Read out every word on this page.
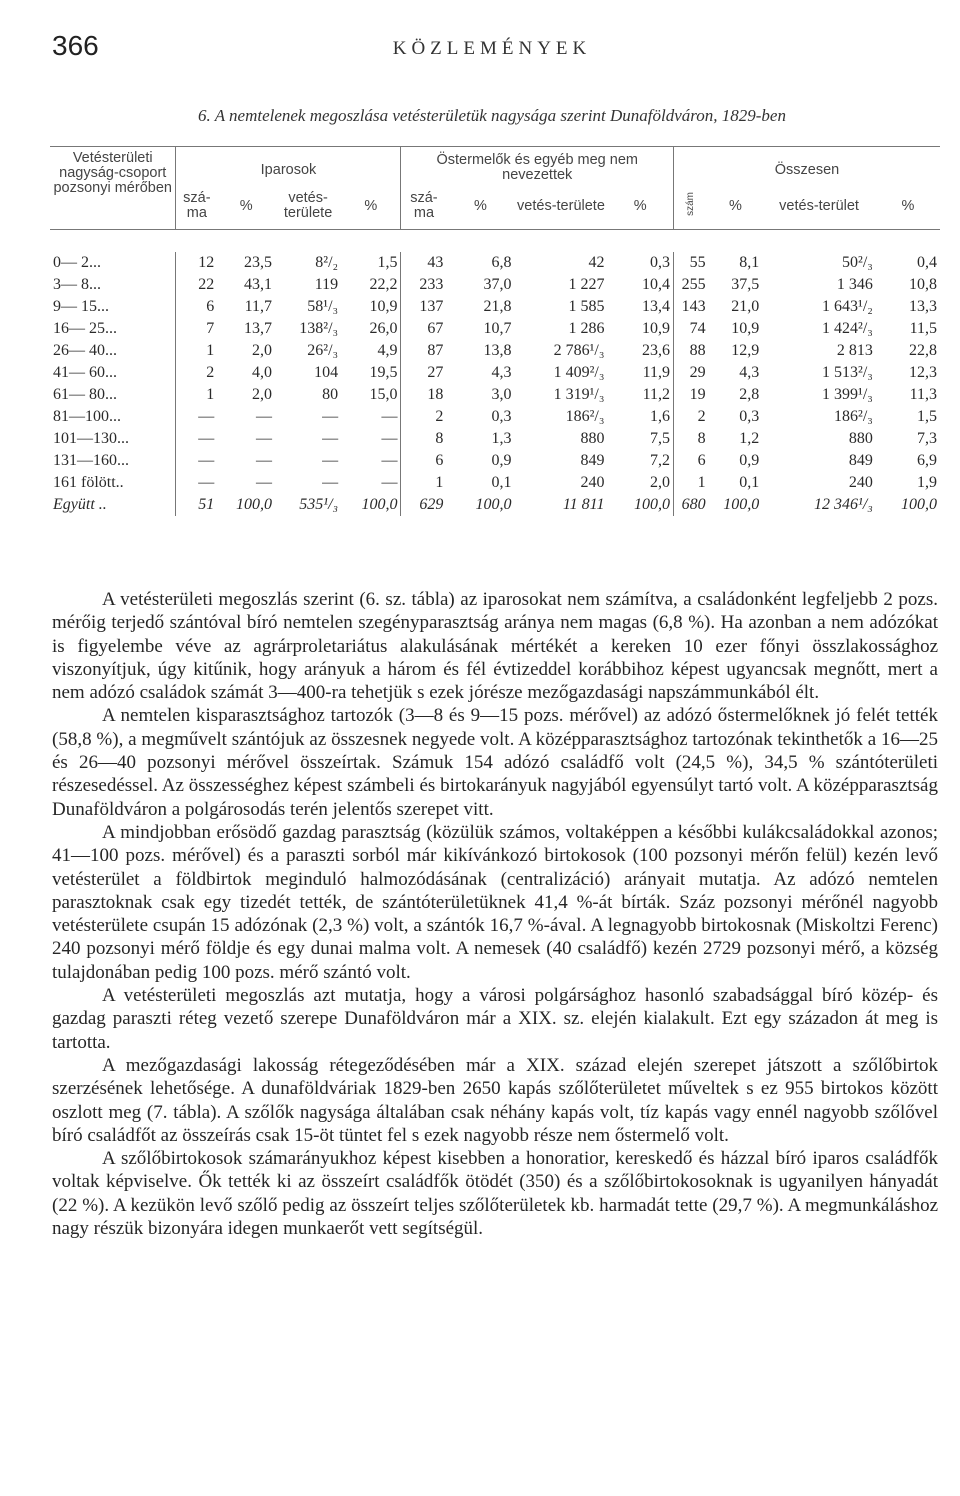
366	KÖZLEMÉNYEK
6. A nemtelenek megoszlása vetésterületük nagysága szerint Dunaföldváron, 1829-ben
Vetésterületi nagyság-csoport pozsonyi mérőben	Iparosok				Östermelők és egyéb meg nem nevezettek				Összesen			
	szá-ma	%	vetés-területe	%	szá-ma	%	vetés-területe	%	szám	%	vetés-terület	%

0— 2...	12	23,5	8²/₂	1,5	43	6,8	42	0,3	55	8,1	50²/₃	0,4
3— 8...	22	43,1	119	22,2	233	37,0	1 227	10,4	255	37,5	1 346	10,8
9— 15...	6	11,7	58¹/₃	10,9	137	21,8	1 585	13,4	143	21,0	1 643¹/₂	13,3
16— 25...	7	13,7	138²/₃	26,0	67	10,7	1 286	10,9	74	10,9	1 424²/₃	11,5
26— 40...	1	2,0	26²/₃	4,9	87	13,8	2 786¹/₃	23,6	88	12,9	2 813	22,8
41— 60...	2	4,0	104	19,5	27	4,3	1 409²/₃	11,9	29	4,3	1 513²/₃	12,3
61— 80...	1	2,0	80	15,0	18	3,0	1 319¹/₃	11,2	19	2,8	1 399¹/₃	11,3
81—100...	—	—	—	—	2	0,3	186²/₃	1,6	2	0,3	186²/₃	1,5
101—130...	—	—	—	—	8	1,3	880	7,5	8	1,2	880	7,3
131—160...	—	—	—	—	6	0,9	849	7,2	6	0,9	849	6,9
161 fölött..	—	—	—	—	1	0,1	240	2,0	1	0,1	240	1,9
Együtt ..	51	100,0	535¹/₃	100,0	629	100,0	11 811	100,0	680	100,0	12 346¹/₃	100,0

A vetésterületi megoszlás szerint (6. sz. tábla) az iparosokat nem számítva, a családonként legfeljebb 2 pozs. mérőig terjedő szántóval bíró nemtelen szegényparasztság aránya nem magas (6,8 %). Ha azonban a nem adózókat is figyelembe véve az agrárproletariátus alakulásának mértékét a kereken 10 ezer főnyi összlakossághoz viszonyítjuk, úgy kitűnik, hogy arányuk a három és fél évtizeddel korábbihoz képest ugyancsak megnőtt, mert a nem adózó családok számát 3—400-ra tehetjük s ezek jórésze mezőgazdasági napszámmunkából élt.

A nemtelen kisparasztsághoz tartozók (3—8 és 9—15 pozs. mérővel) az adózó őstermelőknek jó felét tették (58,8 %), a megművelt szántójuk az összesnek negyede volt. A középparasztsághoz tartozónak tekinthetők a 16—25 és 26—40 pozsonyi mérővel összeírtak. Számuk 154 adózó családfő volt (24,5 %), 34,5 % szántóterületi részesedéssel. Az összességhez képest számbeli és birtokarányuk nagyjából egyensúlyt tartó volt. A középparasztság Dunaföldváron a polgárosodás terén jelentős szerepet vitt.

A mindjobban erősödő gazdag parasztság (közülük számos, voltaképpen a későbbi kulákcsaládokkal azonos; 41—100 pozs. mérővel) és a paraszti sorból már kikívánkozó birtokosok (100 pozsonyi mérőn felül) kezén levő vetésterület a földbirtok meginduló halmozódásának (centralizáció) arányait mutatja. Az adózó nemtelen parasztoknak csak egy tizedét tették, de szántóterületüknek 41,4 %-át bírták. Száz pozsonyi mérőnél nagyobb vetésterülete csupán 15 adózónak (2,3 %) volt, a szántók 16,7 %-ával. A legnagyobb birtokosnak (Miskoltzi Ferenc) 240 pozsonyi mérő földje és egy dunai malma volt. A nemesek (40 családfő) kezén 2729 pozsonyi mérő, a község tulajdonában pedig 100 pozs. mérő szántó volt.

A vetésterületi megoszlás azt mutatja, hogy a városi polgársághoz hasonló szabadsággal bíró közép- és gazdag paraszti réteg vezető szerepe Dunaföldváron már a XIX. sz. elején kialakult. Ezt egy századon át meg is tartotta.

A mezőgazdasági lakosság rétegeződésében már a XIX. század elején szerepet játszott a szőlőbirtok szerzésének lehetősége. A dunaföldváriak 1829-ben 2650 kapás szőlőterületet műveltek s ez 955 birtokos között oszlott meg (7. tábla). A szőlők nagysága általában csak néhány kapás volt, tíz kapás vagy ennél nagyobb szőlővel bíró családfőt az összeírás csak 15-öt tüntet fel s ezek nagyobb része nem őstermelő volt.

A szőlőbirtokosok számarányukhoz képest kisebben a honoratior, kereskedő és házzal bíró iparos családfők voltak képviselve. Ők tették ki az összeírt családfők ötödét (350) és a szőlőbirtokosoknak is ugyanilyen hányadát (22 %). A kezükön levő szőlő pedig az összeírt teljes szőlőterületek kb. harmadát tette (29,7 %). A megmunkáláshoz nagy részük bizonyára idegen munkaerőt vett segítségül.
